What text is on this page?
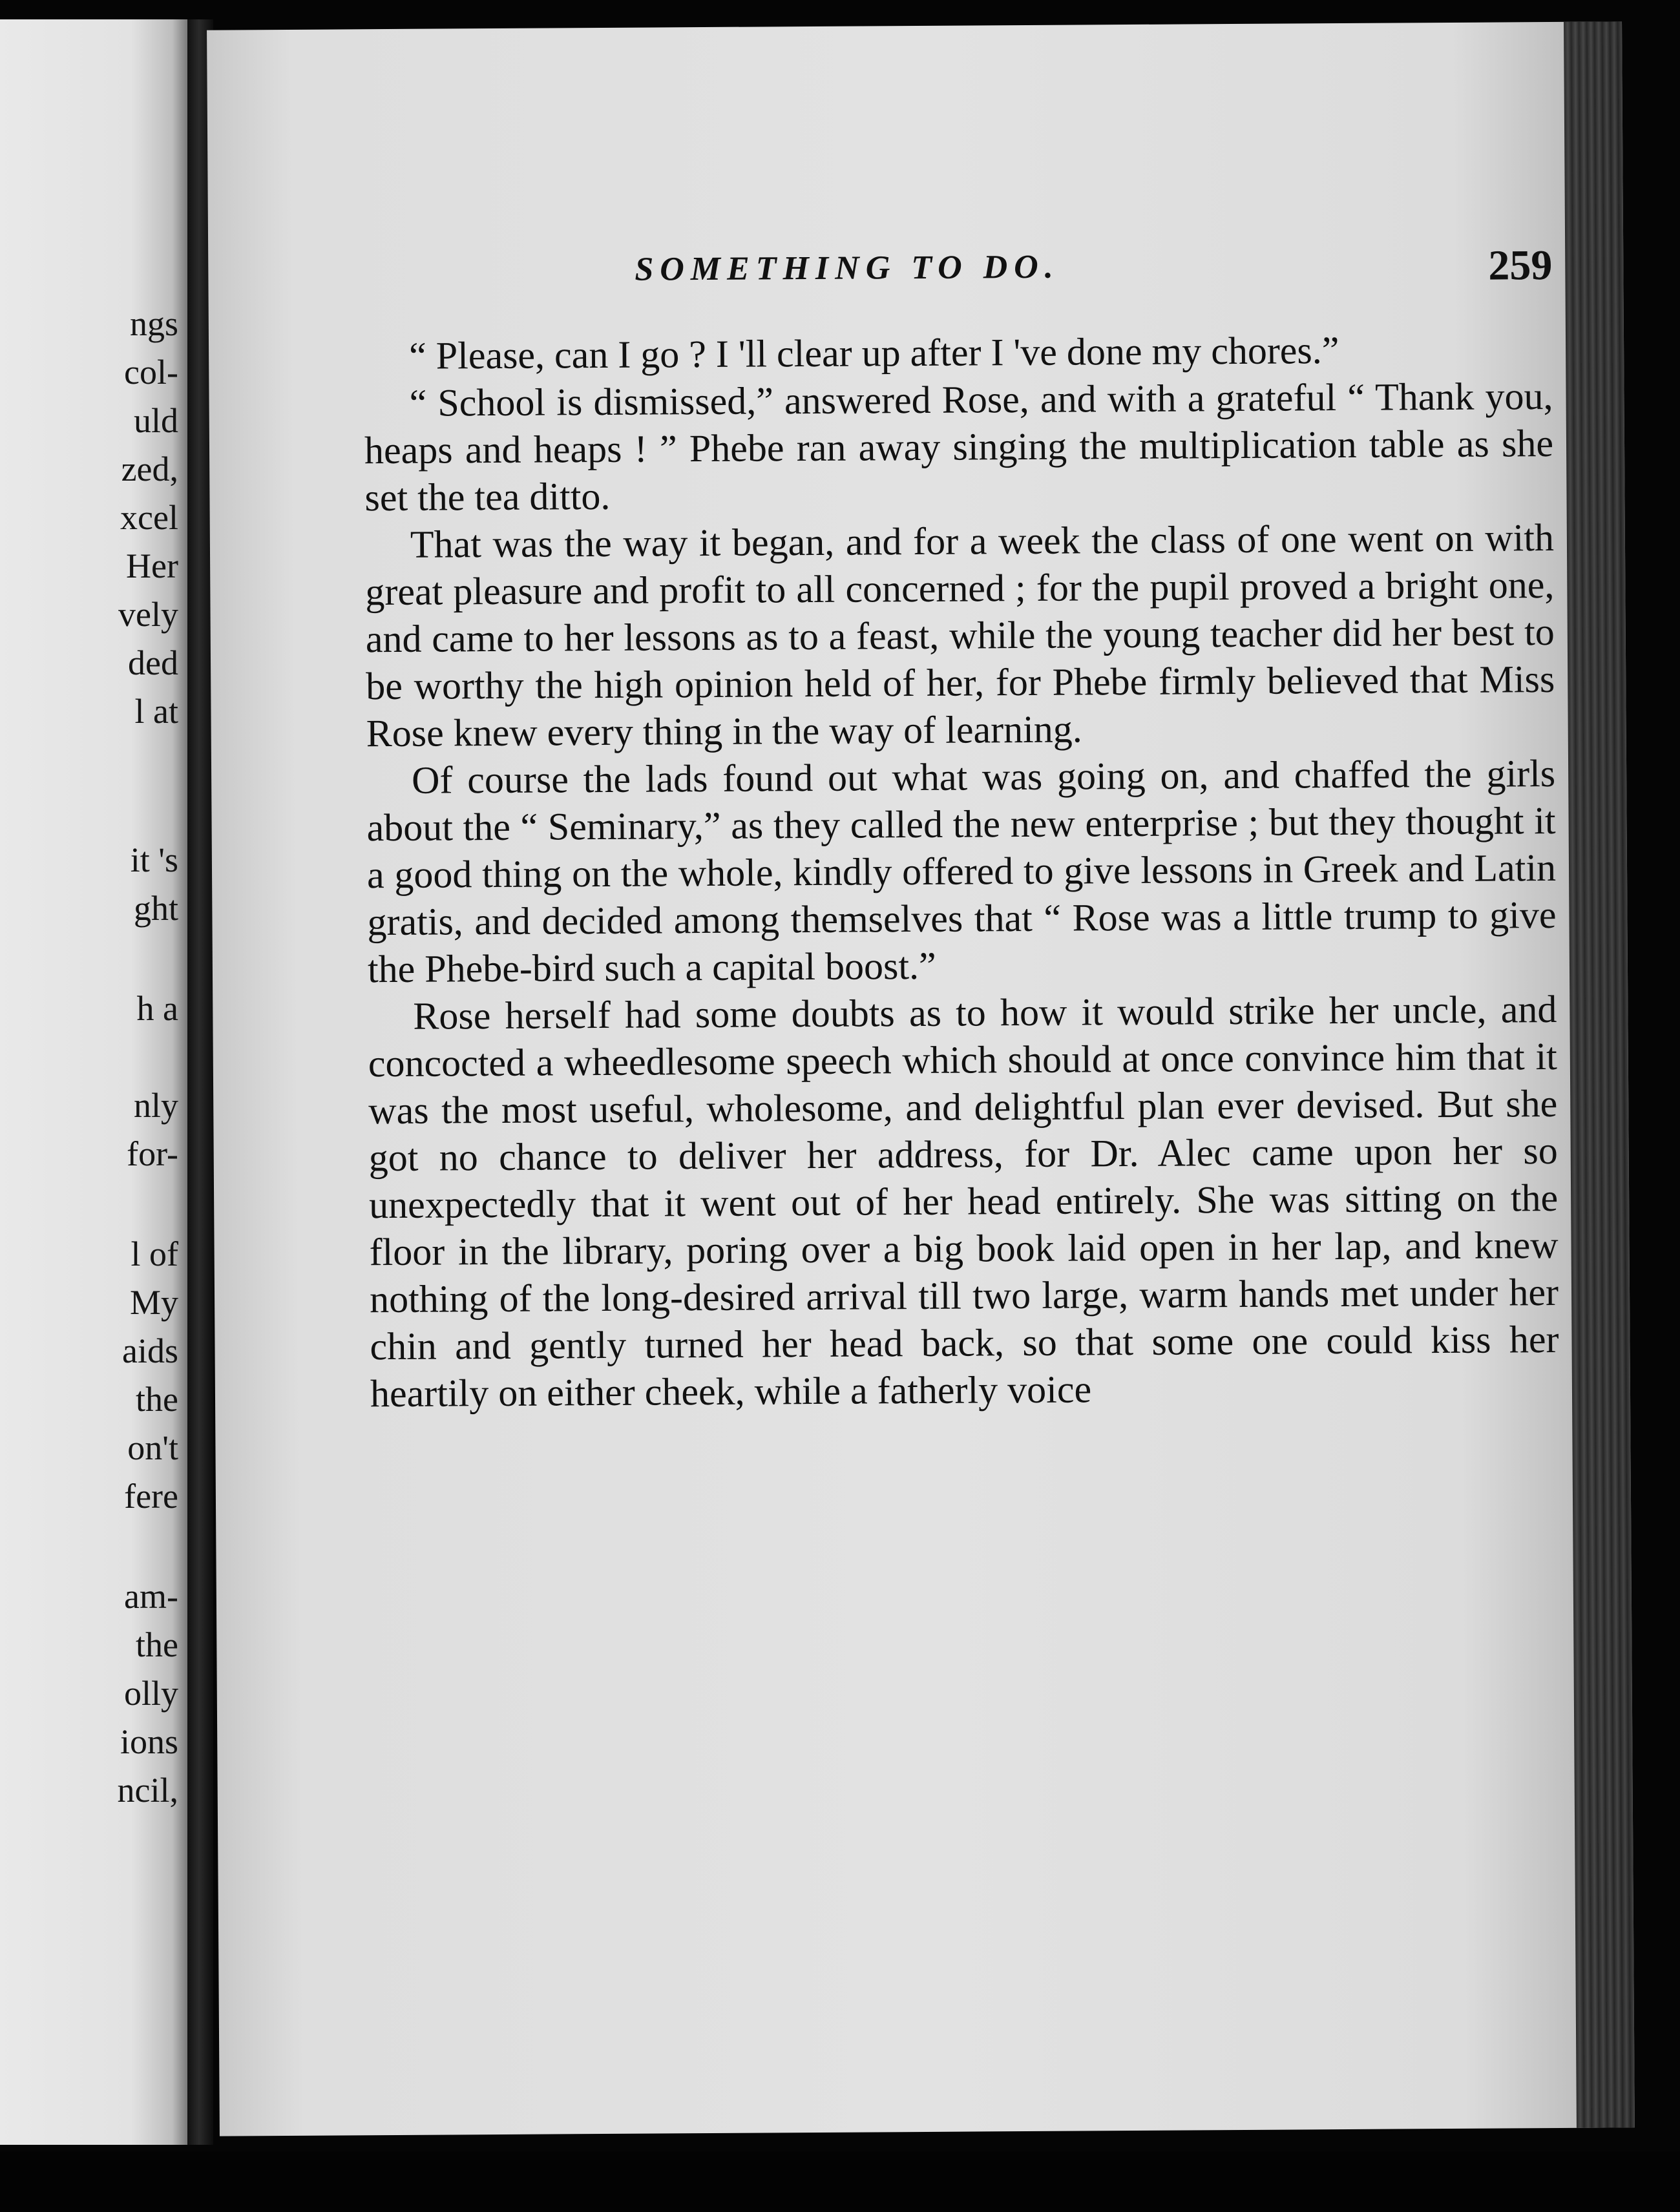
ngs
col-
uld
zed,
xcel
Her
vely
ded
l at
it 's
ght
h a
nly
for-
l of
My
aids
the
on't
fere
am-
the
olly
ions
ncil,
SOMETHING TO DO.	259

“ Please, can I go ? I 'll clear up after I 've done my chores.”

“ School is dismissed,” answered Rose, and with a grateful “ Thank you, heaps and heaps ! ” Phebe ran away singing the multiplication table as she set the tea ditto.

That was the way it began, and for a week the class of one went on with great pleasure and profit to all concerned ; for the pupil proved a bright one, and came to her lessons as to a feast, while the young teacher did her best to be worthy the high opinion held of her, for Phebe firmly believed that Miss Rose knew every thing in the way of learning.

Of course the lads found out what was going on, and chaffed the girls about the “ Seminary,” as they called the new enterprise ; but they thought it a good thing on the whole, kindly offered to give lessons in Greek and Latin gratis, and decided among themselves that “ Rose was a little trump to give the Phebe-bird such a capital boost.”

Rose herself had some doubts as to how it would strike her uncle, and concocted a wheedlesome speech which should at once convince him that it was the most useful, wholesome, and delightful plan ever devised. But she got no chance to deliver her address, for Dr. Alec came upon her so unexpectedly that it went out of her head entirely. She was sitting on the floor in the library, poring over a big book laid open in her lap, and knew nothing of the long-desired arrival till two large, warm hands met under her chin and gently turned her head back, so that some one could kiss her heartily on either cheek, while a fatherly voice
